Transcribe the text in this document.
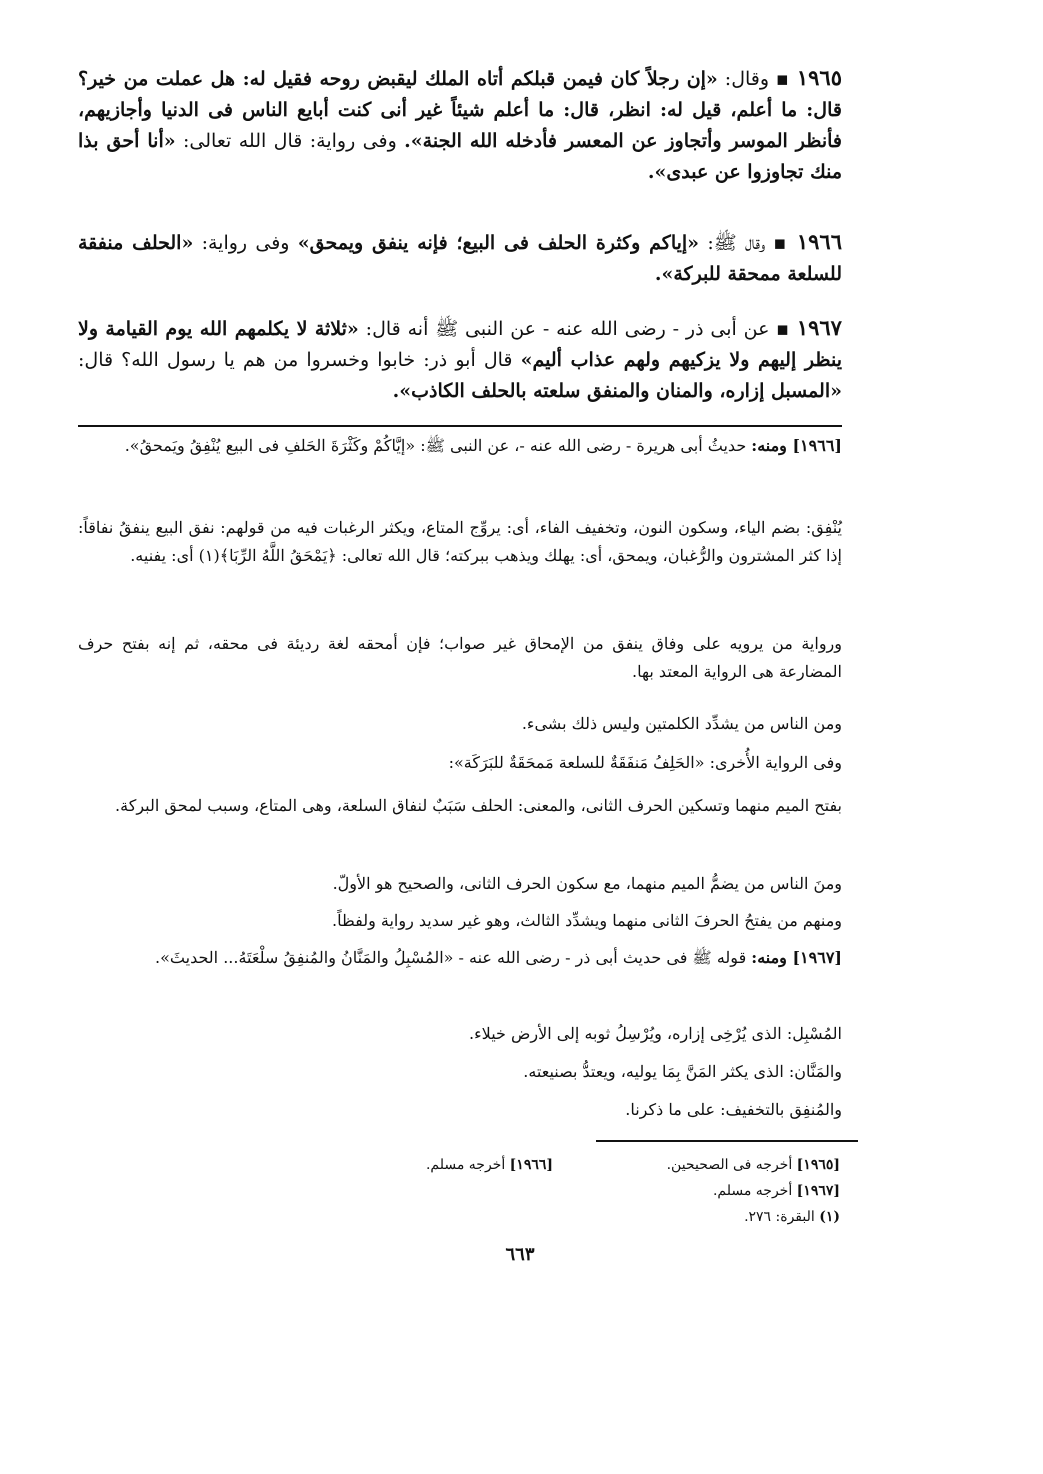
١٩٦٥ ▪ وقال: «إن رجلاً كان فيمن قبلكم أتاه الملك ليقبض روحه فقيل له: هل عملت من خير؟ قال: ما أعلم، قيل له: انظر، قال: ما أعلم شيئاً غير أنى كنت أبايع الناس فى الدنيا وأجازيهم، فأنظر الموسر وأتجاوز عن المعسر فأدخله الله الجنة». وفى رواية: قال الله تعالى: «أنا أحق بذا منك تجاوزوا عن عبدى».
١٩٦٦ ▪ وقال ﷺ: «إياكم وكثرة الحلف فى البيع؛ فإنه ينفق ويمحق» وفى رواية: «الحلف منفقة للسلعة ممحقة للبركة».
١٩٦٧ ▪ عن أبى ذر - رضى الله عنه - عن النبى ﷺ أنه قال: «ثلاثة لا يكلمهم الله يوم القيامة ولا ينظر إليهم ولا يزكيهم ولهم عذاب أليم» قال أبو ذر: خابوا وخسروا من هم يا رسول الله؟ قال: «المسبل إزاره، والمنان والمنفق سلعته بالحلف الكاذب».
[١٩٦٦] ومنه: حديثُ أبى هريرة - رضى الله عنه -، عن النبى ﷺ: «إيَّاكُمْ وكَثْرَةَ الحَلفِ فى البيع يُنْفِقُ ويَمحقُ».
يُنْفِق: بضم الياء، وسكون النون، وتخفيف الفاء، أى: يروِّج المتاع، ويكثر الرغبات فيه من قولهم: نفق البيع ينفقُ نفاقاً: إذا كثر المشترون والرُّغبان، ويمحق، أى: يهلك ويذهب ببركته؛ قال الله تعالى: ﴿يَمْحَقُ اللَّهُ الرِّبَا﴾(١) أى: يفنيه.
ورواية من يرويه على وفاق ينفق من الإمحاق غير صواب؛ فإن أمحقه لغة رديئة فى محقه، ثم إنه بفتح حرف المضارعة هى الرواية المعتد بها.
ومن الناس من يشدِّد الكلمتين وليس ذلك بشىء.
وفى الرواية الأُخرى: «الحَلِفُ مَنفَقَةٌ للسلعة مَمحَقَةٌ للبَرَكَة»:
بفتح الميم منهما وتسكين الحرف الثانى، والمعنى: الحلف سَبَبٌ لنفاق السلعة، وهى المتاع، وسبب لمحق البركة.
ومنَ الناس من يضمُّ الميم منهما، مع سكون الحرف الثانى، والصحيح هو الأولّ.
ومنهم من يفتحُ الحرفَ الثانى منهما ويشدِّد الثالث، وهو غير سديد رواية ولفظاً.
[١٩٦٧] ومنه: قوله ﷺ فى حديث أبى ذر - رضى الله عنه - «المُسْبِلُ والمَنَّانُ والمُنفِقُ سلْعَتَهُ... الحديثَ».
المُسْبِل: الذى يُرْخِى إزاره، ويُرْسِلُ ثوبه إلى الأرض خيلاء.
والمَنَّان: الذى يكثر المَنَّ بِمَا يوليه، ويعتدُّ بصنيعته.
والمُنفِق بالتخفيف: على ما ذكرنا.
[١٩٦٥] أخرجه فى الصحيحين.
[١٩٦٦] أخرجه مسلم.
[١٩٦٧] أخرجه مسلم.
(١) البقرة: ٢٧٦.
٦٦٣
